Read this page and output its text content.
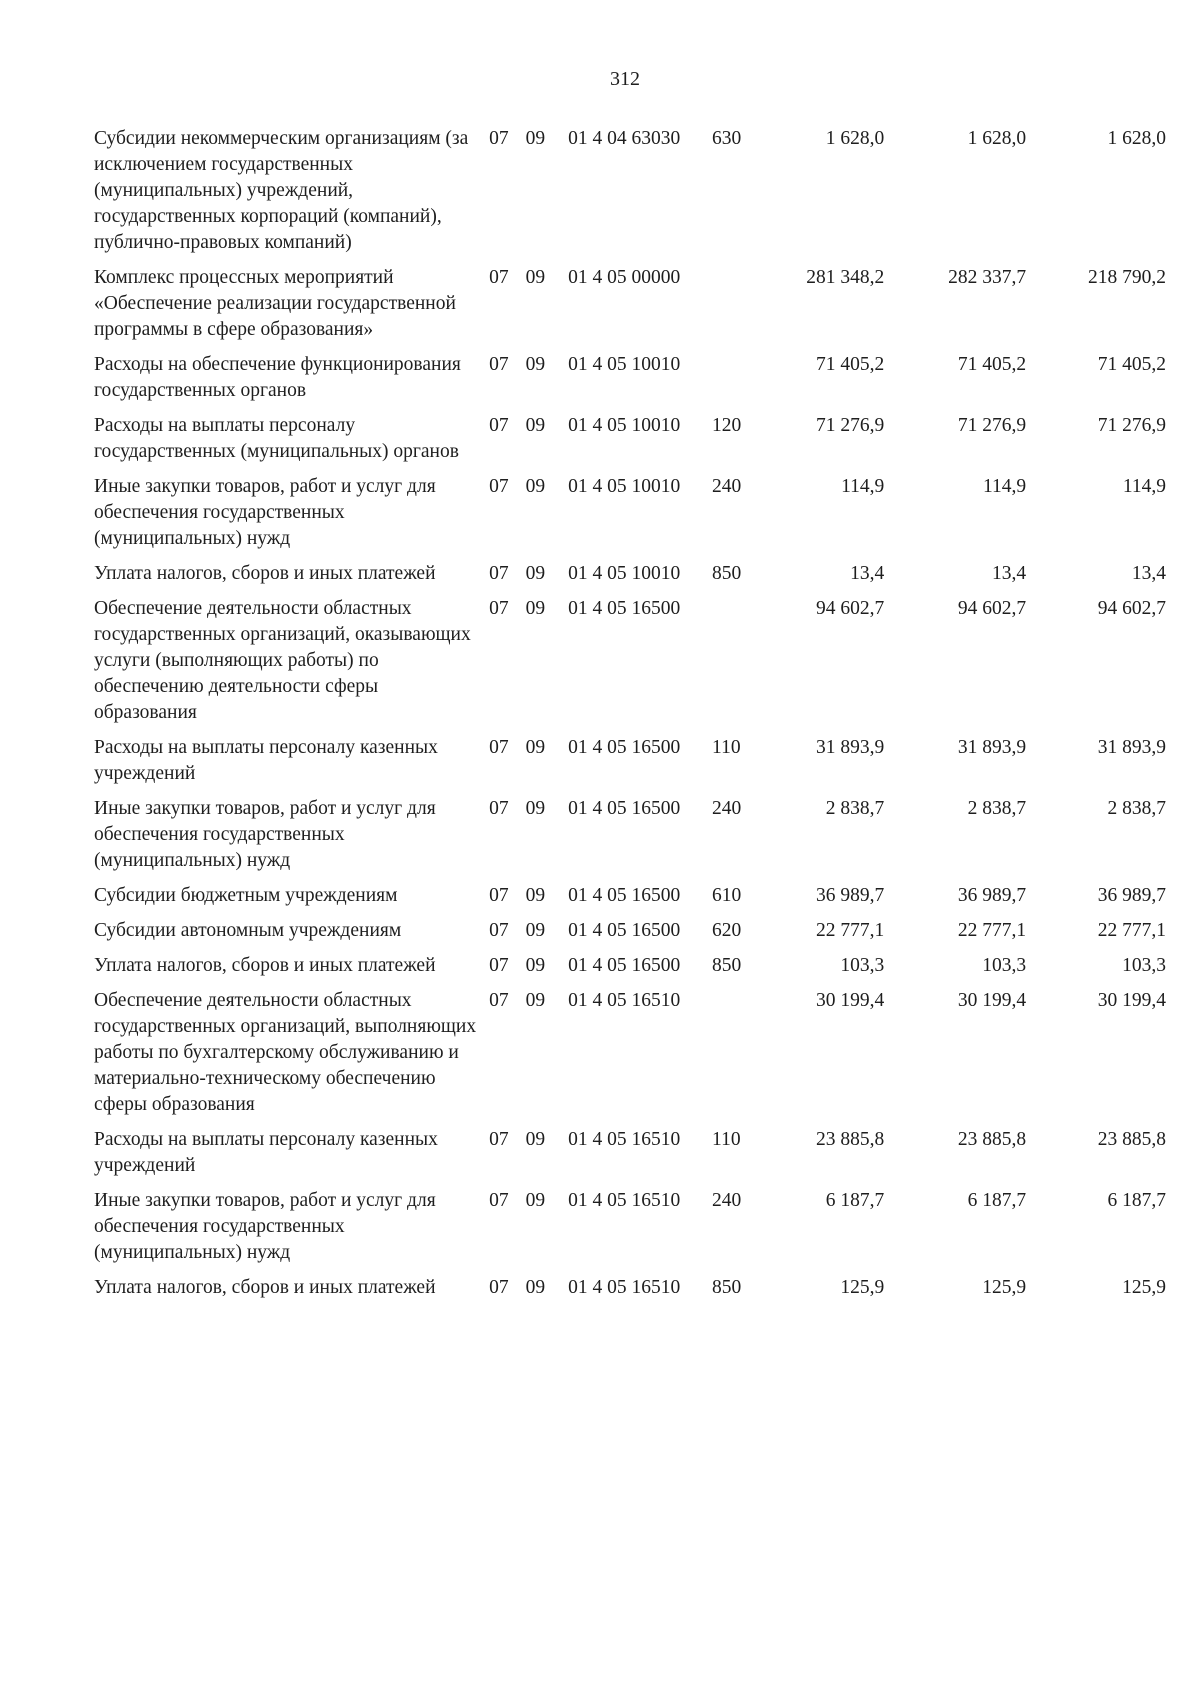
312
Субсидии некоммерческим организациям (за исключением государственных (муниципальных) учреждений, государственных корпораций (компаний), публично-правовых компаний)	07	09	01 4 04 63030	630	1 628,0	1 628,0	1 628,0
Комплекс процессных мероприятий «Обеспечение реализации государственной программы в сфере образования»	07	09	01 4 05 00000		281 348,2	282 337,7	218 790,2
Расходы на обеспечение функционирования государственных органов	07	09	01 4 05 10010		71 405,2	71 405,2	71 405,2
Расходы на выплаты персоналу государственных (муниципальных) органов	07	09	01 4 05 10010	120	71 276,9	71 276,9	71 276,9
Иные закупки товаров, работ и услуг для обеспечения государственных (муниципальных) нужд	07	09	01 4 05 10010	240	114,9	114,9	114,9
Уплата налогов, сборов и иных платежей	07	09	01 4 05 10010	850	13,4	13,4	13,4
Обеспечение деятельности областных государственных организаций, оказывающих услуги (выполняющих работы) по обеспечению деятельности сферы образования	07	09	01 4 05 16500		94 602,7	94 602,7	94 602,7
Расходы на выплаты персоналу казенных учреждений	07	09	01 4 05 16500	110	31 893,9	31 893,9	31 893,9
Иные закупки товаров, работ и услуг для обеспечения государственных (муниципальных) нужд	07	09	01 4 05 16500	240	2 838,7	2 838,7	2 838,7
Субсидии бюджетным учреждениям	07	09	01 4 05 16500	610	36 989,7	36 989,7	36 989,7
Субсидии автономным учреждениям	07	09	01 4 05 16500	620	22 777,1	22 777,1	22 777,1
Уплата налогов, сборов и иных платежей	07	09	01 4 05 16500	850	103,3	103,3	103,3
Обеспечение деятельности областных государственных организаций, выполняющих работы по бухгалтерскому обслуживанию и материально-техническому обеспечению сферы образования	07	09	01 4 05 16510		30 199,4	30 199,4	30 199,4
Расходы на выплаты персоналу казенных учреждений	07	09	01 4 05 16510	110	23 885,8	23 885,8	23 885,8
Иные закупки товаров, работ и услуг для обеспечения государственных (муниципальных) нужд	07	09	01 4 05 16510	240	6 187,7	6 187,7	6 187,7
Уплата налогов, сборов и иных платежей	07	09	01 4 05 16510	850	125,9	125,9	125,9
